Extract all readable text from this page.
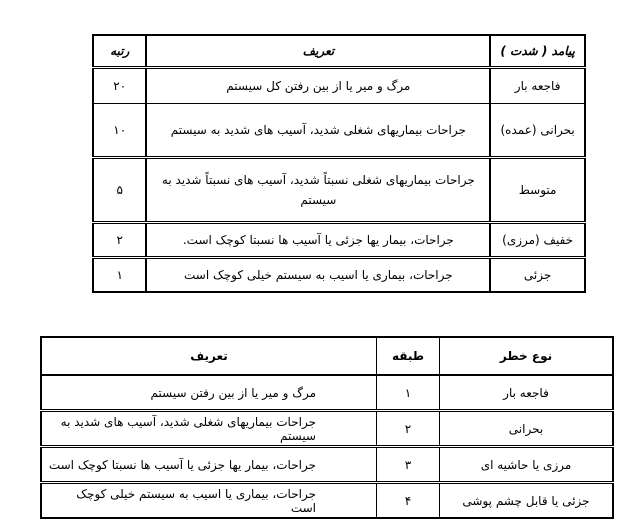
پیامد ( شدت )	تعریف	رتبه
فاجعه بار	مرگ و میر یا از بین رفتن کل سیستم	۲۰
بحرانی (عمده)	جراحات بیماریهای شغلی شدید، آسیب های شدید به سیستم	۱۰
متوسط	جراحات بیماریهای شغلی نسبتاً شدید، آسیب های نسبتاً شدید به سیستم	۵
خفیف (مرزی)	جراحات، بیمار یها جزئی یا آسیب ها نسبتا کوچک است.	۲
جزئی	جراحات، بیماری یا اسیب به سیستم خیلی کوچک است	۱
نوع خطر	طبقه	تعریف
فاجعه بار	۱	مرگ و میر یا از بین رفتن سیستم
بحرانی	۲	جراحات بیماریهای شغلی شدید، آسیب های شدید به سیستم
مرزی یا حاشیه ای	۳	جراحات، بیمار یها جزئی یا آسیب ها نسبتا کوچک است
جزئی یا قابل چشم پوشی	۴	جراحات، بیماری یا اسیب به سیستم خیلی کوچک است
